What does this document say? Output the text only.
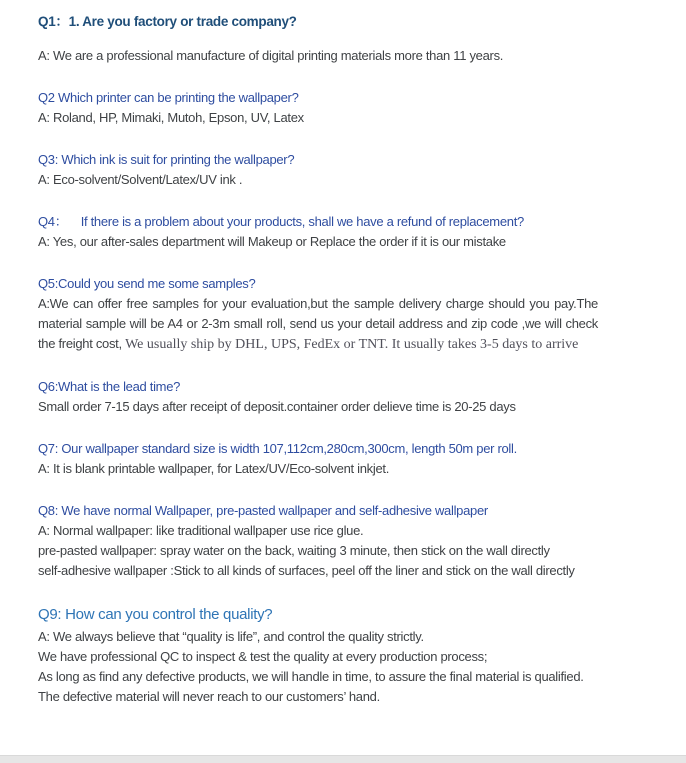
Q1：1. Are you factory or trade company?
A: We are a professional manufacture of digital printing materials more than 11 years.
Q2 Which printer can be printing the wallpaper?
A: Roland, HP, Mimaki, Mutoh, Epson, UV, Latex
Q3: Which ink is suit for printing the wallpaper?
A: Eco-solvent/Solvent/Latex/UV ink .
Q4：    If there is a problem about your products, shall we have a refund of replacement?
A: Yes, our after-sales department will Makeup or Replace the order if it is our mistake
Q5:Could you send me some samples?
A:We can offer free samples for your evaluation,but the sample delivery charge should you pay.The material sample will be A4 or 2-3m small roll, send us your detail address and zip code ,we will check the freight cost, We usually ship by DHL, UPS, FedEx or TNT. It usually takes 3-5 days to arrive
Q6:What is the lead time?
Small order 7-15 days after receipt of deposit.container order delieve time is 20-25 days
Q7: Our wallpaper standard size is width 107,112cm,280cm,300cm, length 50m per roll.
A: It is blank printable wallpaper, for Latex/UV/Eco-solvent inkjet.
Q8: We have normal Wallpaper, pre-pasted wallpaper and self-adhesive wallpaper
A: Normal wallpaper: like traditional wallpaper use rice glue.
pre-pasted wallpaper: spray water on the back, waiting 3 minute, then stick on the wall directly
self-adhesive wallpaper :Stick to all kinds of surfaces, peel off the liner and stick on the wall directly
Q9: How can you control the quality?
A: We always believe that “quality is life”, and control the quality strictly.
We have professional QC to inspect & test the quality at every production process;
As long as find any defective products, we will handle in time, to assure the final material is qualified. The defective material will never reach to our customers’ hand.
